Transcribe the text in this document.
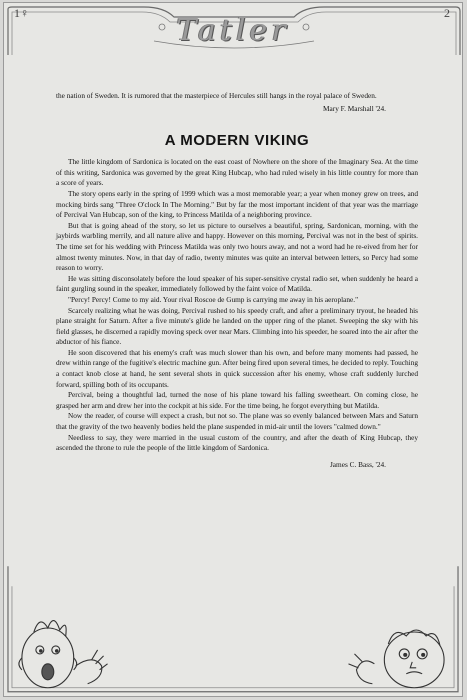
1♀	Tatler	2

the nation of Sweden. It is rumored that the masterpiece of Hercules still hangs in the royal palace of Sweden.

Mary F. Marshall '24.
A MODERN VIKING

The little kingdom of Sardonica is located on the east coast of Nowhere on the shore of the Imaginary Sea. At the time of this writing, Sardonica was governed by the great King Hubcap, who had ruled wisely in his little country for more than a score of years.

The story opens early in the spring of 1999 which was a most memorable year; a year when money grew on trees, and mocking birds sang "Three O'clock In The Morning." But by far the most important incident of that year was the marriage of Percival Van Hubcap, son of the king, to Princess Matilda of a neighboring province.

But that is going ahead of the story, so let us picture to ourselves a beautiful, spring, Sardonican, morning, with the jaybirds warbling merrily, and all nature alive and happy. However on this morning, Percival was not in the best of spirits. The time set for his wedding with Princess Matilda was only two hours away, and not a word had he re-eived from her for almost twenty minutes. Now, in that day of radio, twenty minutes was quite an interval between letters, so Percy had some reason to worry.

He was sitting disconsolately before the loud speaker of his super-sensitive crystal radio set, when suddenly he heard a faint gurgling sound in the speaker, immediately followed by the faint voice of Matilda.

"Percy! Percy! Come to my aid. Your rival Roscoe de Gump is carrying me away in his aeroplane."

Scarcely realizing what he was doing, Percival rushed to his speedy craft, and after a preliminary tryout, he headed his plane straight for Saturn. After a five minute's glide he landed on the upper ring of the planet. Sweeping the sky with his field glasses, he discerned a rapidly moving speck over near Mars. Climbing into his speeder, he soared into the air after the abductor of his fiance.

He soon discovered that his enemy's craft was much slower than his own, and before many moments had passed, he drew within range of the fugitive's electric machine gun. After being fired upon several times, he decided to reply. Touching a contact knob close at hand, he sent several shots in quick succession after his enemy, whose craft suddenly lurched forward, spilling both of its occupants.

Percival, being a thoughtful lad, turned the nose of his plane toward his falling sweetheart. On coming close, he grasped her arm and drew her into the cockpit at his side. For the time being, he forgot everything but Matilda.

Now the reader, of course will expect a crash, but not so. The plane was so evenly balanced between Mars and Saturn that the gravity of the two heavenly bodies held the plane suspended in mid-air until the lovers "calmed down."

Needless to say, they were married in the usual custom of the country, and after the death of King Hubcap, they ascended the throne to rule the people of the little kingdom of Sardonica.

James C. Bass, '24.
